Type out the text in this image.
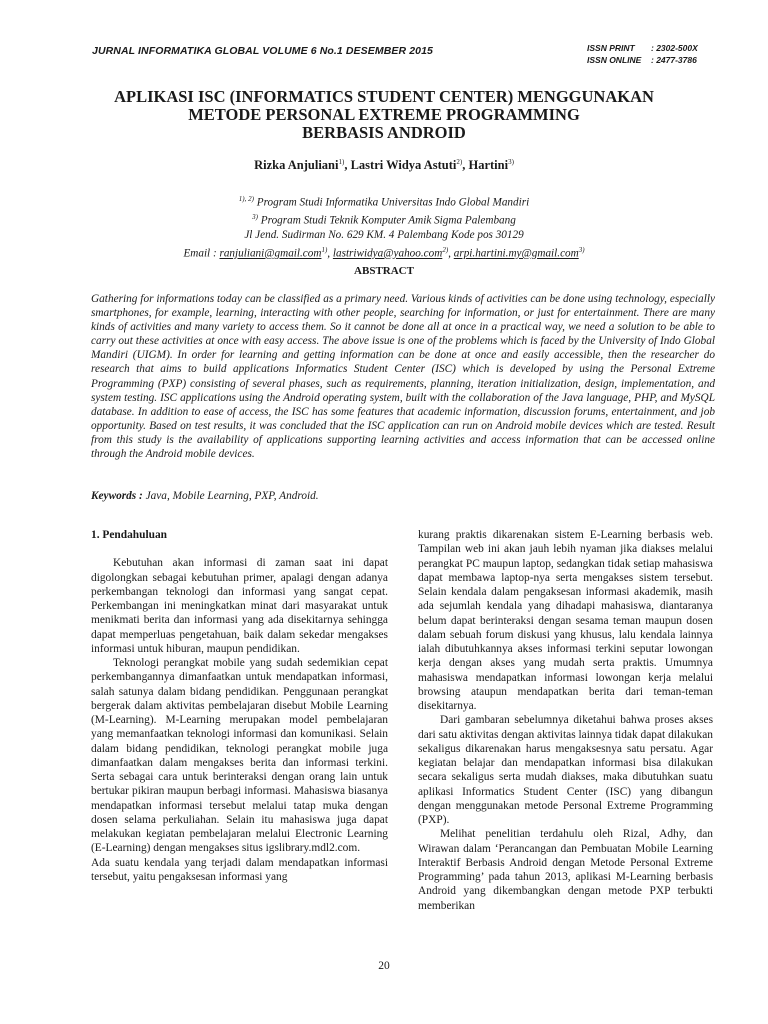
JURNAL INFORMATIKA GLOBAL VOLUME 6 No.1 DESEMBER 2015	ISSN PRINT : 2302-500X
ISSN ONLINE : 2477-3786
APLIKASI ISC (INFORMATICS STUDENT CENTER) MENGGUNAKAN
METODE PERSONAL EXTREME PROGRAMMING
BERBASIS ANDROID
Rizka Anjuliani$^{1)}$, Lastri Widya Astuti$^{2)}$, Hartini$^{3)}$
$^{1), 2)}$ Program Studi Informatika Universitas Indo Global Mandiri
$^{3)}$ Program Studi Teknik Komputer Amik Sigma Palembang
Jl Jend. Sudirman No. 629 KM. 4 Palembang Kode pos 30129
Email : ranjuliani@gmail.com$^{1)}$, lastriwidya@yahoo.com$^{2)}$, arpi.hartini.my@gmail.com$^{3)}$
ABSTRACT
Gathering for informations today can be classified as a primary need. Various kinds of activities can be done using technology, especially smartphones, for example, learning, interacting with other people, searching for information, or just for entertainment. There are many kinds of activities and many variety to access them. So it cannot be done all at once in a practical way, we need a solution to be able to carry out these activities at once with easy access. The above issue is one of the problems which is faced by the University of Indo Global Mandiri (UIGM). In order for learning and getting information can be done at once and easily accessible, then the researcher do research that aims to build applications Informatics Student Center (ISC) which is developed by using the Personal Extreme Programming (PXP) consisting of several phases, such as requirements, planning, iteration initialization, design, implementation, and system testing. ISC applications using the Android operating system, built with the collaboration of the Java language, PHP, and MySQL database. In addition to ease of access, the ISC has some features that academic information, discussion forums, entertainment, and job opportunity. Based on test results, it was concluded that the ISC application can run on Android mobile devices which are tested. Result from this study is the availability of applications supporting learning activities and access information that can be accessed online through the Android mobile devices.
Keywords : Java, Mobile Learning, PXP, Android.
1. Pendahuluan

Kebutuhan akan informasi di zaman saat ini dapat digolongkan sebagai kebutuhan primer, apalagi dengan adanya perkembangan teknologi dan informasi yang sangat cepat. Perkembangan ini meningkatkan minat dari masyarakat untuk menikmati berita dan informasi yang ada disekitarnya sehingga dapat memperluas pengetahuan, baik dalam sekedar mengakses informasi untuk hiburan, maupun pendidikan.

Teknologi perangkat mobile yang sudah sedemikian cepat perkembangannya dimanfaatkan untuk mendapatkan informasi, salah satunya dalam bidang pendidikan. Penggunaan perangkat bergerak dalam aktivitas pembelajaran disebut Mobile Learning (M-Learning). M-Learning merupakan model pembelajaran yang memanfaatkan teknologi informasi dan komunikasi. Selain dalam bidang pendidikan, teknologi perangkat mobile juga dimanfaatkan dalam mengakses berita dan informasi terkini. Serta sebagai cara untuk berinteraksi dengan orang lain untuk bertukar pikiran maupun berbagi informasi. Mahasiswa biasanya mendapatkan informasi tersebut melalui tatap muka dengan dosen selama perkuliahan. Selain itu mahasiswa juga dapat melakukan kegiatan pembelajaran melalui Electronic Learning (E-Learning) dengan mengakses situs igslibrary.mdl2.com.

Ada suatu kendala yang terjadi dalam mendapatkan informasi tersebut, yaitu pengaksesan informasi yang

kurang praktis dikarenakan sistem E-Learning berbasis web. Tampilan web ini akan jauh lebih nyaman jika diakses melalui perangkat PC maupun laptop, sedangkan tidak setiap mahasiswa dapat membawa laptop-nya serta mengakses sistem tersebut. Selain kendala dalam pengaksesan informasi akademik, masih ada sejumlah kendala yang dihadapi mahasiswa, diantaranya belum dapat berinteraksi dengan sesama teman maupun dosen dalam sebuah forum diskusi yang khusus, lalu kendala lainnya ialah dibutuhkannya akses informasi terkini seputar lowongan kerja dengan akses yang mudah serta praktis. Umumnya mahasiswa mendapatkan informasi lowongan kerja melalui browsing ataupun mendapatkan berita dari teman-teman disekitarnya.

Dari gambaran sebelumnya diketahui bahwa proses akses dari satu aktivitas dengan aktivitas lainnya tidak dapat dilakukan sekaligus dikarenakan harus mengaksesnya satu persatu. Agar kegiatan belajar dan mendapatkan informasi bisa dilakukan secara sekaligus serta mudah diakses, maka dibutuhkan suatu aplikasi Informatics Student Center (ISC) yang dibangun dengan menggunakan metode Personal Extreme Programming (PXP).

Melihat penelitian terdahulu oleh Rizal, Adhy, dan Wirawan dalam ‘Perancangan dan Pembuatan Mobile Learning Interaktif Berbasis Android dengan Metode Personal Extreme Programming’ pada tahun 2013, aplikasi M-Learning berbasis Android yang dikembangkan dengan metode PXP terbukti memberikan

20
